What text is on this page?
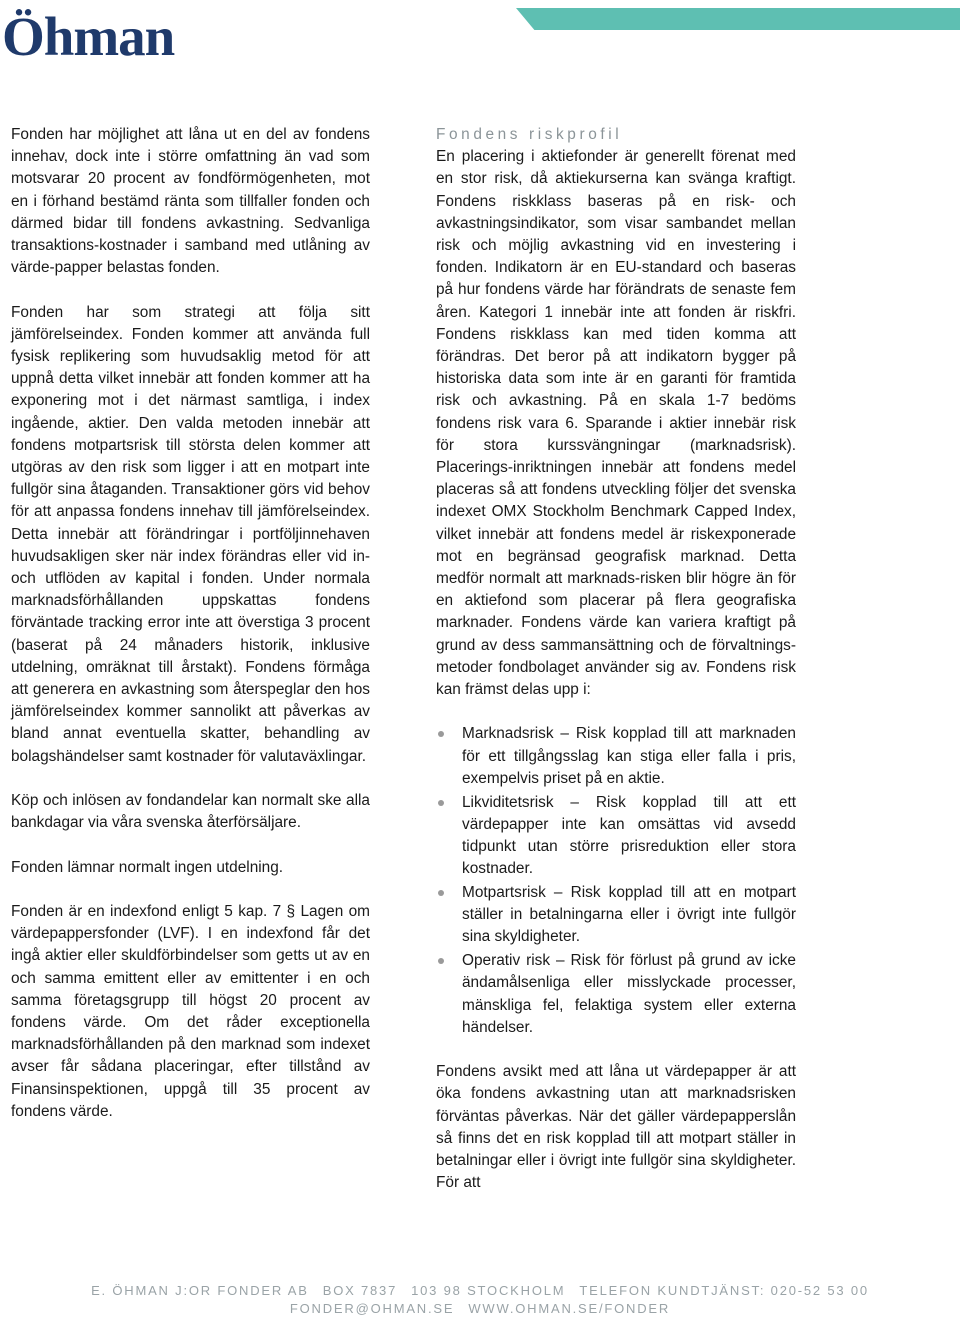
Öhman

Fonden har möjlighet att låna ut en del av fondens innehav, dock inte i större omfattning än vad som motsvarar 20 procent av fondförmögenheten, mot en i förhand bestämd ränta som tillfaller fonden och därmed bidar till fondens avkastning. Sedvanliga transaktions-kostnader i samband med utlåning av värde-papper belastas fonden.

Fonden har som strategi att följa sitt jämförelseindex. Fonden kommer att använda full fysisk replikering som huvudsaklig metod för att uppnå detta vilket innebär att fonden kommer att ha exponering mot i det närmast samtliga, i index ingående, aktier. Den valda metoden innebär att fondens motpartsrisk till största delen kommer att utgöras av den risk som ligger i att en motpart inte fullgör sina åtaganden. Transaktioner görs vid behov för att anpassa fondens innehav till jämförelseindex. Detta innebär att förändringar i portföljinnehaven huvudsakligen sker när index förändras eller vid in- och utflöden av kapital i fonden. Under normala marknadsförhållanden uppskattas fondens förväntade tracking error inte att överstiga 3 procent (baserat på 24 månaders historik, inklusive utdelning, omräknat till årstakt). Fondens förmåga att generera en avkastning som återspeglar den hos jämförelseindex kommer sannolikt att påverkas av bland annat eventuella skatter, behandling av bolagshändelser samt kostnader för valutaväxlingar.

Köp och inlösen av fondandelar kan normalt ske alla bankdagar via våra svenska återförsäljare.

Fonden lämnar normalt ingen utdelning.

Fonden är en indexfond enligt 5 kap. 7 § Lagen om värdepappersfonder (LVF). I en indexfond får det ingå aktier eller skuldförbindelser som getts ut av en och samma emittent eller av emittenter i en och samma företagsgrupp till högst 20 procent av fondens värde. Om det råder exceptionella marknadsförhållanden på den marknad som indexet avser får sådana placeringar, efter tillstånd av Finansinspektionen, uppgå till 35 procent av fondens värde.

Fondens riskprofil

En placering i aktiefonder är generellt förenat med en stor risk, då aktiekurserna kan svänga kraftigt. Fondens riskklass baseras på en risk- och avkastningsindikator, som visar sambandet mellan risk och möjlig avkastning vid en investering i fonden. Indikatorn är en EU-standard och baseras på hur fondens värde har förändrats de senaste fem åren. Kategori 1 innebär inte att fonden är riskfri. Fondens riskklass kan med tiden komma att förändras. Det beror på att indikatorn bygger på historiska data som inte är en garanti för framtida risk och avkastning. På en skala 1-7 bedöms fondens risk vara 6. Sparande i aktier innebär risk för stora kurssvängningar (marknadsrisk). Placerings-inriktningen innebär att fondens medel placeras så att fondens utveckling följer det svenska indexet OMX Stockholm Benchmark Capped Index, vilket innebär att fondens medel är riskexponerade mot en begränsad geografisk marknad. Detta medför normalt att marknads-risken blir högre än för en aktiefond som placerar på flera geografiska marknader. Fondens värde kan variera kraftigt på grund av dess sammansättning och de förvaltnings-metoder fondbolaget använder sig av. Fondens risk kan främst delas upp i:

Marknadsrisk – Risk kopplad till att marknaden för ett tillgångsslag kan stiga eller falla i pris, exempelvis priset på en aktie.
Likviditetsrisk – Risk kopplad till att ett värdepapper inte kan omsättas vid avsedd tidpunkt utan större prisreduktion eller stora kostnader.
Motpartsrisk – Risk kopplad till att en motpart ställer in betalningarna eller i övrigt inte fullgör sina skyldigheter.
Operativ risk – Risk för förlust på grund av icke ändamålsenliga eller misslyckade processer, mänskliga fel, felaktiga system eller externa händelser.

Fondens avsikt med att låna ut värdepapper är att öka fondens avkastning utan att marknadsrisken förväntas påverkas. När det gäller värdepapperslån så finns det en risk kopplad till att motpart ställer in betalningar eller i övrigt inte fullgör sina skyldigheter. För att

E. ÖHMAN J:OR FONDER AB BOX 7837 103 98 STOCKHOLM TELEFON KUNDTJÄNST: 020-52 53 00
FONDER@OHMAN.SE WWW.OHMAN.SE/FONDER
